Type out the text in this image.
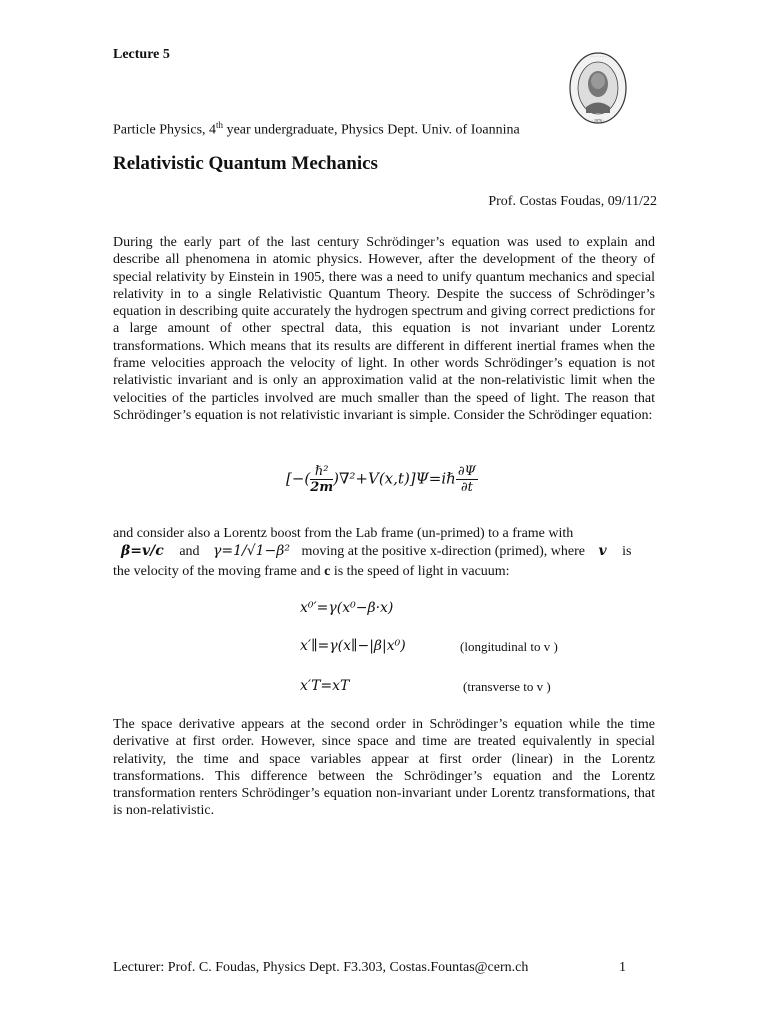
Lecture 5	· · · · · · ·
· 1970 ·
Particle Physics, 4th year undergraduate, Physics Dept. Univ. of Ioannina
Relativistic Quantum Mechanics
Prof. Costas Foudas, 09/11/22
During the early part of the last century Schrödinger’s equation was used to explain and describe all phenomena in atomic physics. However, after the development of the theory of special relativity by Einstein in 1905, there was a need to unify quantum mechanics and special relativity in to a single Relativistic Quantum Theory. Despite the success of Schrödinger’s equation in describing quite accurately the hydrogen spectrum and giving correct predictions for a large amount of other spectral data, this equation is not invariant under Lorentz transformations. Which means that its results are different in different inertial frames when the frame velocities approach the velocity of light. In other words Schrödinger’s equation is not relativistic invariant and is only an approximation valid at the non-relativistic limit when the velocities of the particles involved are much smaller than the speed of light. The reason that Schrödinger’s equation is not relativistic invariant is simple. Consider the Schrödinger equation:
[−( $\frac{\text{ℏ²}}{2m}$ )∇²+V(x,t)]Ψ=iℏ $\frac{\partial\Psi}{\partial t}$
and consider also a Lorentz boost from the Lab frame (un-primed) to a frame with
β=v/c and γ=1/√1−β² moving at the positive x-direction (primed), where v is
the velocity of the moving frame and c is the speed of light in vacuum:
x⁰′=γ(x⁰−β·x)
x′∥=γ(x∥−|β|x⁰)	(longitudinal to v )
x′T=xT	(transverse to v )
The space derivative appears at the second order in Schrödinger’s equation while the time derivative at first order. However, since space and time are treated equivalently in special relativity, the time and space variables appear at first order (linear) in the Lorentz transformations. This difference between the Schrödinger’s equation and the Lorentz transformation renters Schrödinger’s equation non-invariant under Lorentz transformations, that is non-relativistic.
Lecturer: Prof. C. Foudas, Physics Dept. F3.303, Costas.Fountas@cern.ch	1
